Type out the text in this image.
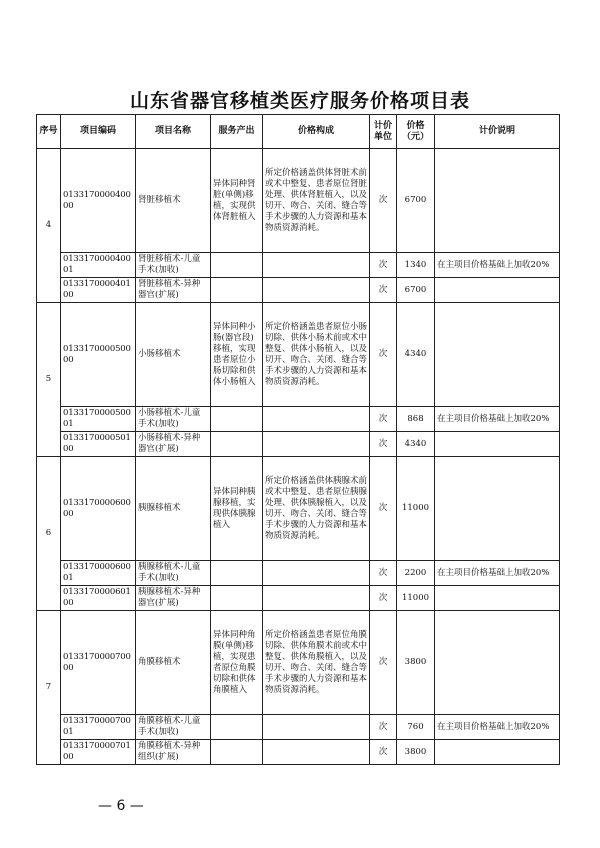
山东省器官移植类医疗服务价格项目表
序号	项目编码	项目名称	服务产出	价格构成	计价单位	价格（元）	计价说明
4	013317000040000	肾脏移植术	异体同种肾脏(单侧)移植，实现供体肾脏植入	所定价格涵盖供体肾脏术前或术中整复、患者原位肾脏处理、供体肾脏植入，以及切开、吻合、关闭、缝合等手术步骤的人力资源和基本物质资源消耗。	次	6700	
	013317000040001	肾脏移植术-儿童手术(加收)			次	1340	在主项目价格基础上加收20%
	013317000040100	肾脏移植术-异种器官(扩展)			次	6700	
5	013317000050000	小肠移植术	异体同种小肠(器官段)移植，实现患者原位小肠切除和供体小肠植入	所定价格涵盖患者原位小肠切除、供体小肠术前或术中整复、供体小肠植入，以及切开、吻合、关闭、缝合等手术步骤的人力资源和基本物质资源消耗。	次	4340	
	013317000050001	小肠移植术-儿童手术(加收)			次	868	在主项目价格基础上加收20%
	013317000050100	小肠移植术-异种器官(扩展)			次	4340	
6	013317000060000	胰腺移植术	异体同种胰腺移植，实现供体胰腺植入	所定价格涵盖供体胰腺术前或术中整复、患者原位胰腺处理、供体胰腺植入，以及切开、吻合、关闭、缝合等手术步骤的人力资源和基本物质资源消耗。	次	11000	
	013317000060001	胰腺移植术-儿童手术(加收)			次	2200	在主项目价格基础上加收20%
	013317000060100	胰腺移植术-异种器官(扩展)			次	11000	
7	013317000070000	角膜移植术	异体同种角膜(单侧)移植，实现患者原位角膜切除和供体角膜植入	所定价格涵盖患者原位角膜切除、供体角膜术前或术中整复、供体角膜植入，以及切开、吻合、关闭、缝合等手术步骤的人力资源和基本物质资源消耗。	次	3800	
	013317000070001	角膜移植术-儿童手术(加收)			次	760	在主项目价格基础上加收20%
	013317000070100	角膜移植术-异种组织(扩展)			次	3800	
— 6 —
